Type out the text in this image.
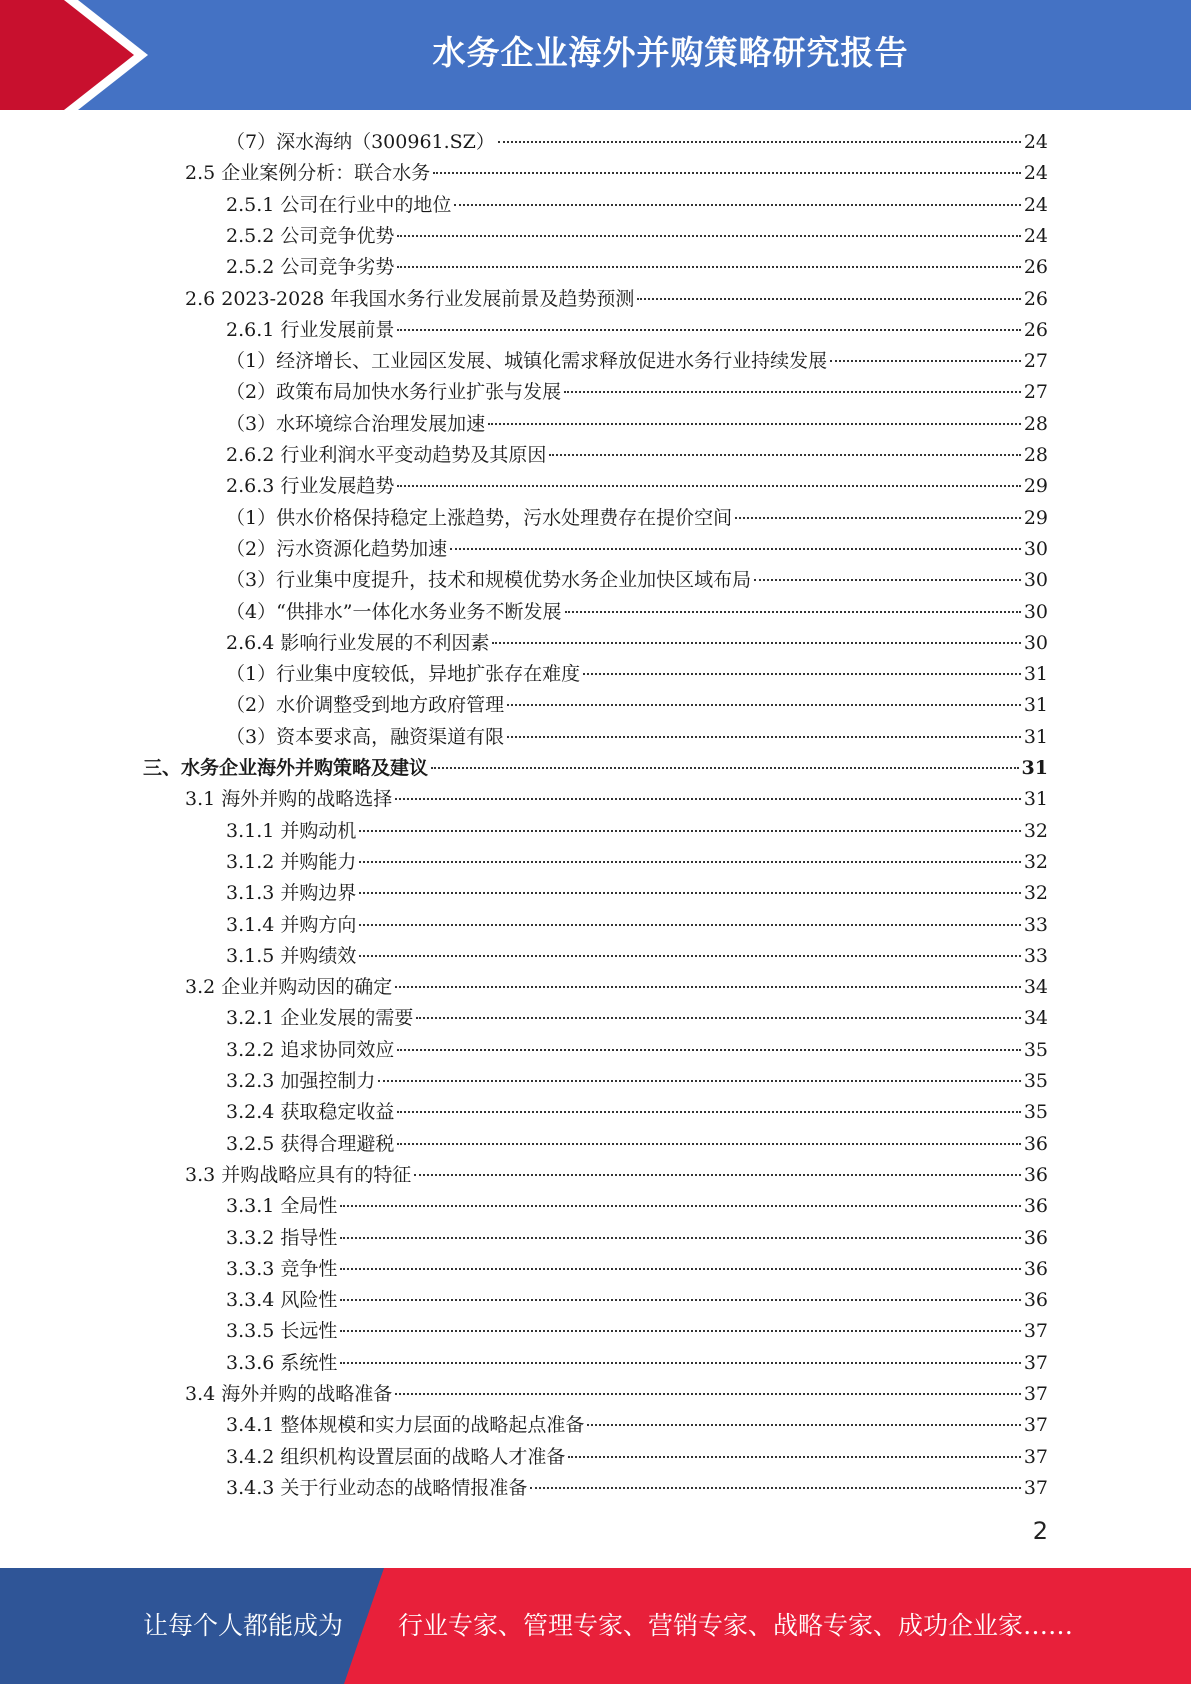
水务企业海外并购策略研究报告
（7）深水海纳（300961.SZ）	24
2.5 企业案例分析：联合水务	24
2.5.1 公司在行业中的地位	24
2.5.2 公司竞争优势	24
2.5.2 公司竞争劣势	26
2.6 2023-2028 年我国水务行业发展前景及趋势预测	26
2.6.1 行业发展前景	26
（1）经济增长、工业园区发展、城镇化需求释放促进水务行业持续发展	27
（2）政策布局加快水务行业扩张与发展	27
（3）水环境综合治理发展加速	28
2.6.2 行业利润水平变动趋势及其原因	28
2.6.3 行业发展趋势	29
（1）供水价格保持稳定上涨趋势，污水处理费存在提价空间	29
（2）污水资源化趋势加速	30
（3）行业集中度提升，技术和规模优势水务企业加快区域布局	30
（4）“供排水”一体化水务业务不断发展	30
2.6.4 影响行业发展的不利因素	30
（1）行业集中度较低，异地扩张存在难度	31
（2）水价调整受到地方政府管理	31
（3）资本要求高，融资渠道有限	31
三、水务企业海外并购策略及建议	31
3.1 海外并购的战略选择	31
3.1.1 并购动机	32
3.1.2 并购能力	32
3.1.3 并购边界	32
3.1.4 并购方向	33
3.1.5 并购绩效	33
3.2 企业并购动因的确定	34
3.2.1 企业发展的需要	34
3.2.2 追求协同效应	35
3.2.3 加强控制力	35
3.2.4 获取稳定收益	35
3.2.5 获得合理避税	36
3.3 并购战略应具有的特征	36
3.3.1 全局性	36
3.3.2 指导性	36
3.3.3 竞争性	36
3.3.4 风险性	36
3.3.5 长远性	37
3.3.6 系统性	37
3.4 海外并购的战略准备	37
3.4.1 整体规模和实力层面的战略起点准备	37
3.4.2 组织机构设置层面的战略人才准备	37
3.4.3 关于行业动态的战略情报准备	37
2
让每个人都能成为 行业专家、管理专家、营销专家、战略专家、成功企业家……
